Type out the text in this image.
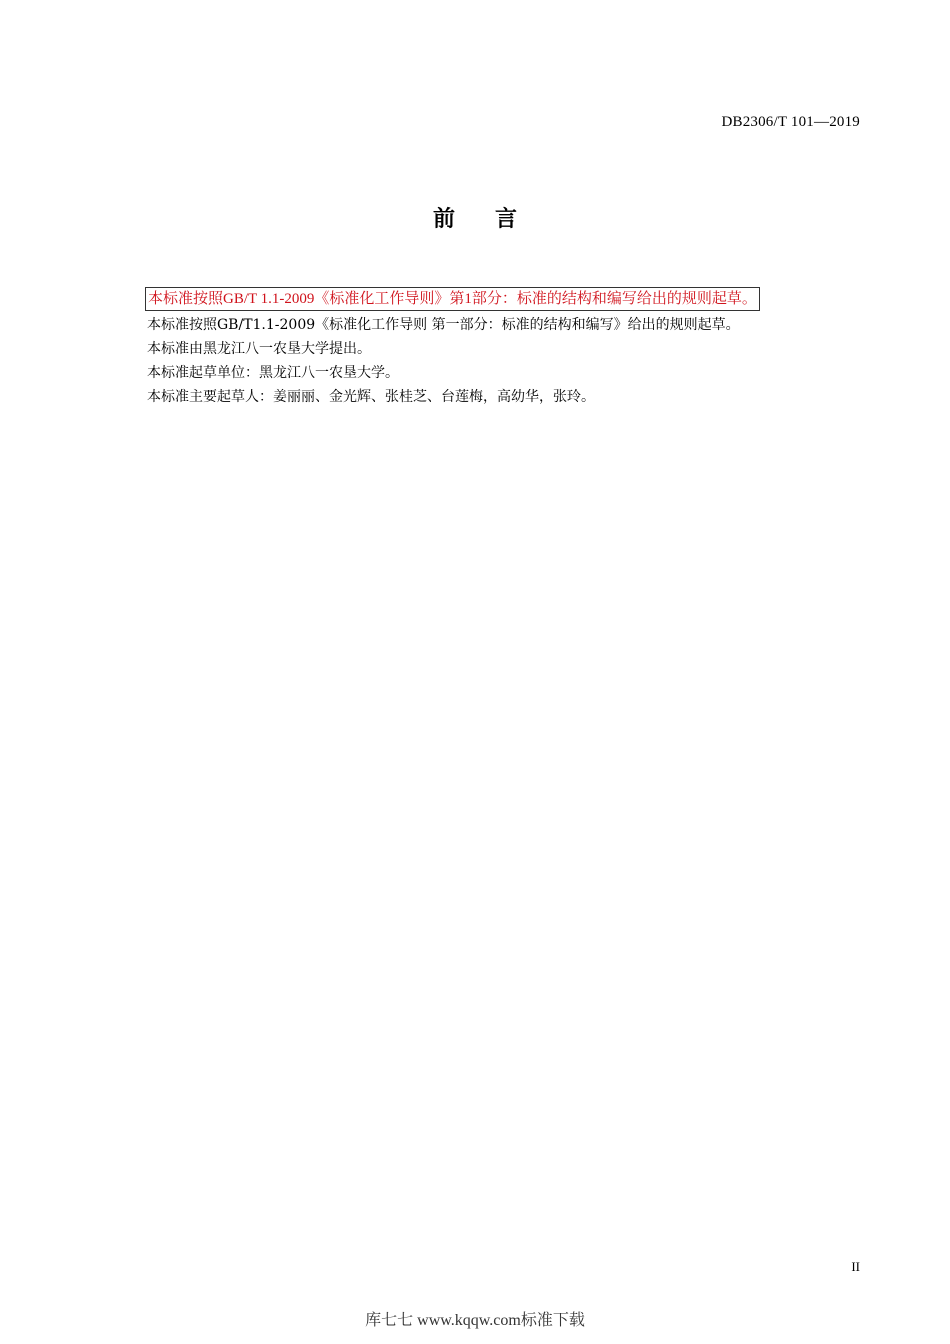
DB2306/T 101—2019
前言
本标准按照GB/T 1.1-2009《标准化工作导则》第1部分：标准的结构和编写给出的规则起草。
本标准按照GB/T1.1-2009《标准化工作导则 第一部分：标准的结构和编写》给出的规则起草。
本标准由黑龙江八一农垦大学提出。
本标准起草单位：黑龙江八一农垦大学。
本标准主要起草人：姜丽丽、金光辉、张桂芝、台莲梅，高幼华，张玲。
II
库七七 www.kqqw.com标准下载
